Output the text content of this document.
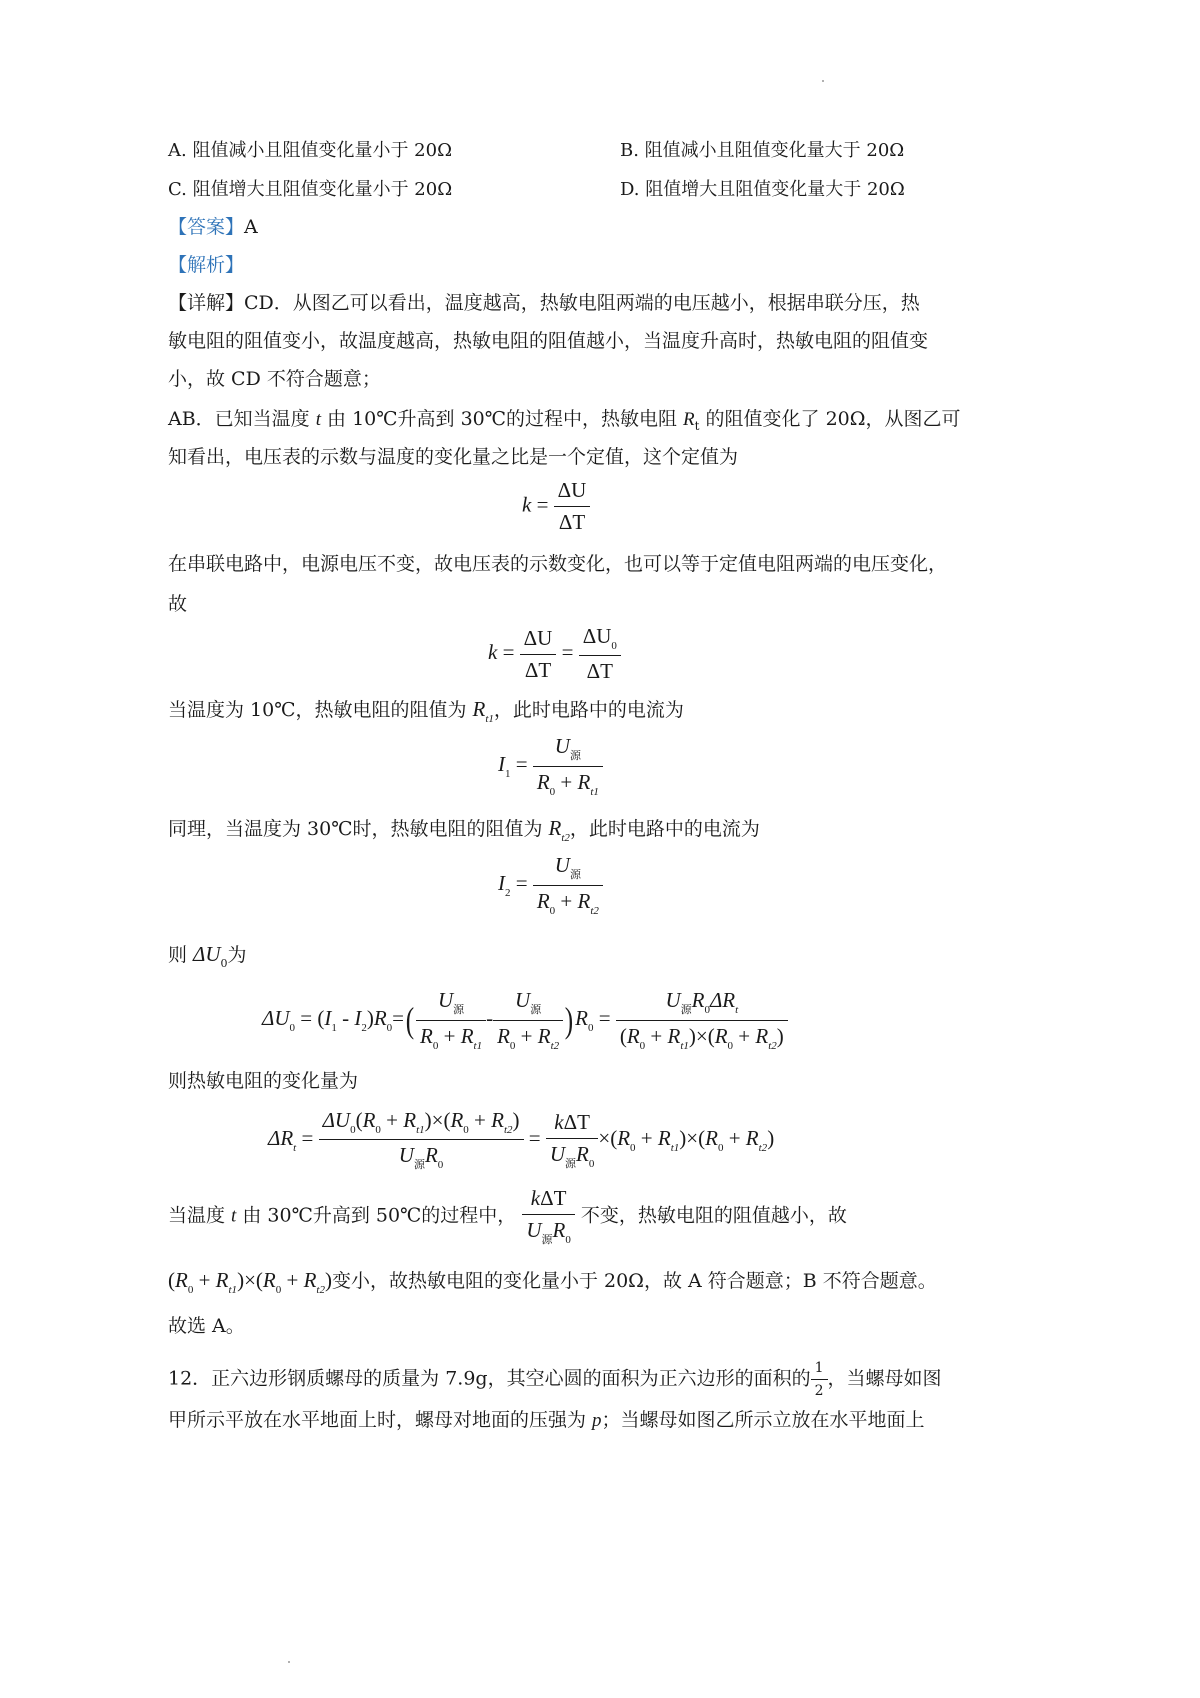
A. 阻值减小且阻值变化量小于 20Ω	B. 阻值减小且阻值变化量大于 20Ω
C. 阻值增大且阻值变化量小于 20Ω	D. 阻值增大且阻值变化量大于 20Ω
【答案】A
【解析】
【详解】CD．从图乙可以看出，温度越高，热敏电阻两端的电压越小，根据串联分压，热
敏电阻的阻值变小，故温度越高，热敏电阻的阻值越小，当温度升高时，热敏电阻的阻值变
小，故 CD 不符合题意；
AB．已知当温度 t 由 10℃升高到 30℃的过程中，热敏电阻 $R_t$ 的阻值变化了 20Ω，从图乙可
知看出，电压表的示数与温度的变化量之比是一个定值，这个定值为
$k = \frac{\Delta U}{\Delta T}$
在串联电路中，电源电压不变，故电压表的示数变化，也可以等于定值电阻两端的电压变化，
故
$k = \frac{\Delta U}{\Delta T} = \frac{\Delta U_0}{\Delta T}$
当温度为 10℃，热敏电阻的阻值为 $R_{t1}$，此时电路中的电流为
$I_1 = \frac{U_源}{R_0 + R_{t1}}$
同理，当温度为 30℃时，热敏电阻的阻值为 $R_{t2}$，此时电路中的电流为
$I_2 = \frac{U_源}{R_0 + R_{t2}}$
则 $\Delta U_0$为
$\Delta U_0 = (I_1 - I_2)R_0=( \frac{U_源}{R_0 + R_{t1}} - \frac{U_源}{R_0 + R_{t2}} )R_0 = \frac{U_源R_0\Delta R_t}{(R_0 + R_{t1})\times(R_0 + R_{t2})}$
则热敏电阻的变化量为
$\Delta R_t = \frac{\Delta U_0(R_0 + R_{t1})\times(R_0 + R_{t2})}{U_源R_0} = \frac{\text{kΔT}}{U_源R_0} \times(R_0 + R_{t1})\times(R_0 + R_{t2})$
当温度 t 由 30℃升高到 50℃的过程中， $\frac{\text{kΔT}}{U_源R_0}$ 不变，热敏电阻的阻值越小，故
$(R_0 + R_{t1})\times(R_0 + R_{t2})$变小，故热敏电阻的变化量小于 20Ω，故 A 符合题意；B 不符合题意。
故选 A。
12．正六边形钢质螺母的质量为 7.9g，其空心圆的面积为正六边形的面积的 $\frac{1}{2}$ ，当螺母如图
甲所示平放在水平地面上时，螺母对地面的压强为 p；当螺母如图乙所示立放在水平地面上
